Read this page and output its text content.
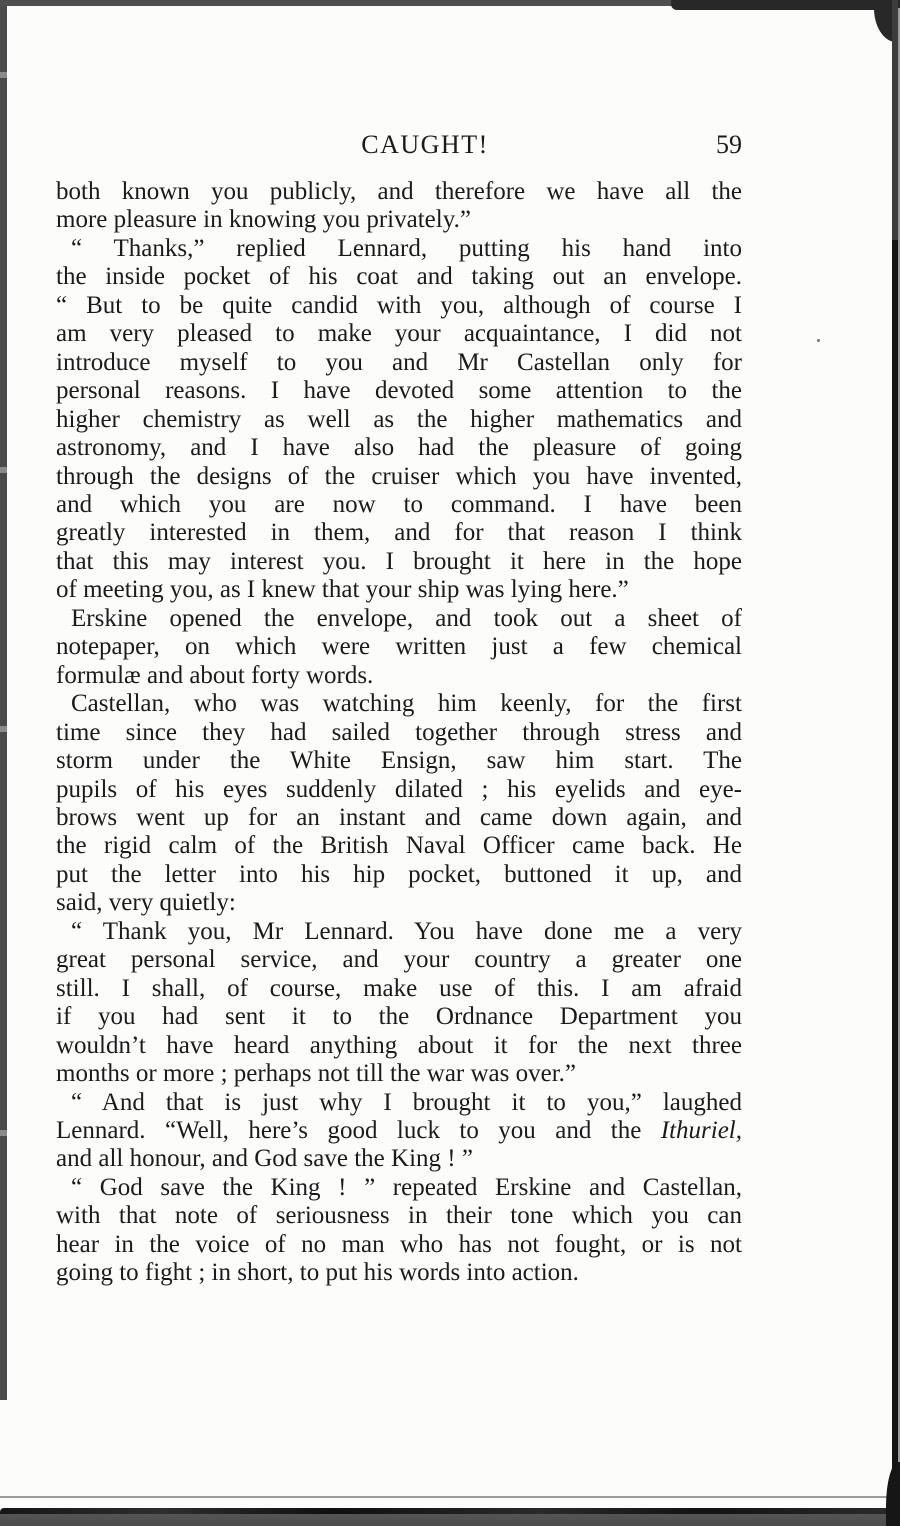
CAUGHT!	59
both known you publicly, and therefore we have all the
more pleasure in knowing you privately.”
“ Thanks,” replied Lennard, putting his hand into
the inside pocket of his coat and taking out an envelope.
“ But to be quite candid with you, although of course I
am very pleased to make your acquaintance, I did not
introduce myself to you and Mr Castellan only for
personal reasons. I have devoted some attention to the
higher chemistry as well as the higher mathematics and
astronomy, and I have also had the pleasure of going
through the designs of the cruiser which you have invented,
and which you are now to command. I have been
greatly interested in them, and for that reason I think
that this may interest you. I brought it here in the hope
of meeting you, as I knew that your ship was lying here.”
Erskine opened the envelope, and took out a sheet of
notepaper, on which were written just a few chemical
formulæ and about forty words.
Castellan, who was watching him keenly, for the first
time since they had sailed together through stress and
storm under the White Ensign, saw him start. The
pupils of his eyes suddenly dilated ; his eyelids and eye-
brows went up for an instant and came down again, and
the rigid calm of the British Naval Officer came back. He
put the letter into his hip pocket, buttoned it up, and
said, very quietly:
“ Thank you, Mr Lennard. You have done me a very
great personal service, and your country a greater one
still. I shall, of course, make use of this. I am afraid
if you had sent it to the Ordnance Department you
wouldn’t have heard anything about it for the next three
months or more ; perhaps not till the war was over.”
“ And that is just why I brought it to you,” laughed
Lennard. “Well, here’s good luck to you and the Ithuriel,
and all honour, and God save the King ! ”
“ God save the King ! ” repeated Erskine and Castellan,
with that note of seriousness in their tone which you can
hear in the voice of no man who has not fought, or is not
going to fight ; in short, to put his words into action.
